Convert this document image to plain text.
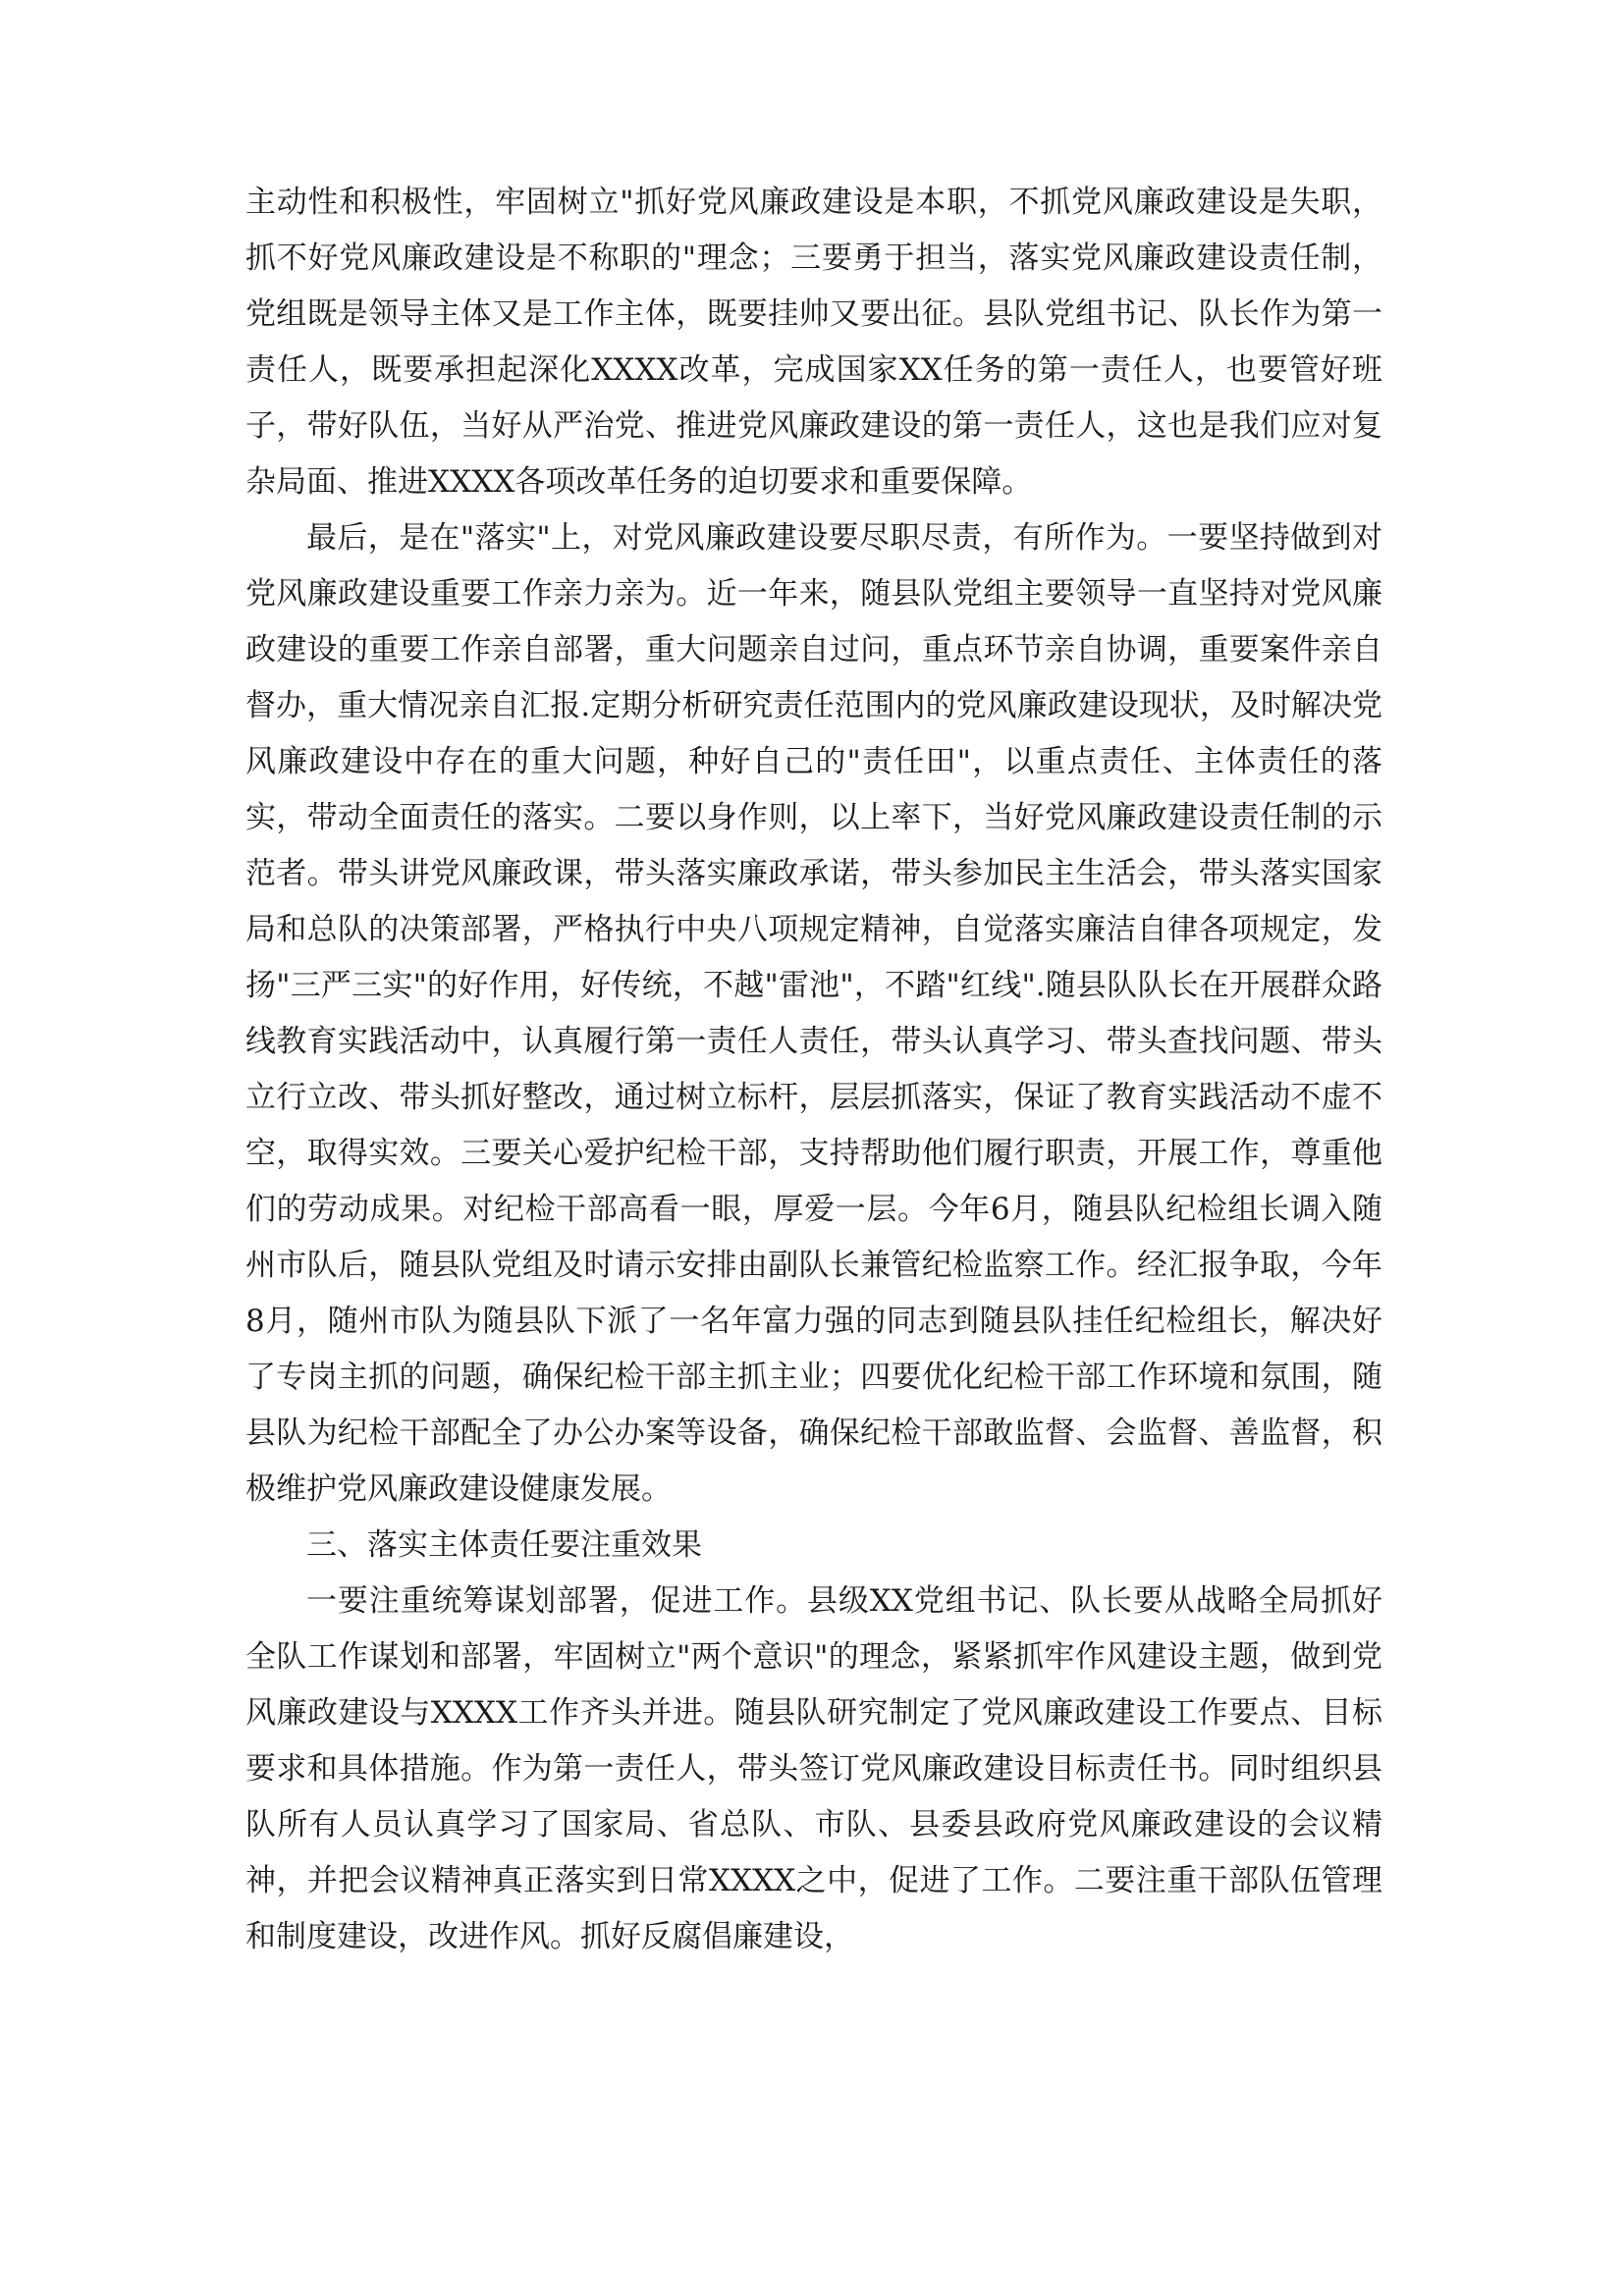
主动性和积极性，牢固树立"抓好党风廉政建设是本职，不抓党风廉政建设是失职，抓不好党风廉政建设是不称职的"理念；三要勇于担当，落实党风廉政建设责任制，党组既是领导主体又是工作主体，既要挂帅又要出征。县队党组书记、队长作为第一责任人，既要承担起深化XXXX改革，完成国家XX任务的第一责任人，也要管好班子，带好队伍，当好从严治党、推进党风廉政建设的第一责任人，这也是我们应对复杂局面、推进XXXX各项改革任务的迫切要求和重要保障。

最后，是在"落实"上，对党风廉政建设要尽职尽责，有所作为。一要坚持做到对党风廉政建设重要工作亲力亲为。近一年来，随县队党组主要领导一直坚持对党风廉政建设的重要工作亲自部署，重大问题亲自过问，重点环节亲自协调，重要案件亲自督办，重大情况亲自汇报.定期分析研究责任范围内的党风廉政建设现状，及时解决党风廉政建设中存在的重大问题，种好自己的"责任田"，以重点责任、主体责任的落实，带动全面责任的落实。二要以身作则，以上率下，当好党风廉政建设责任制的示范者。带头讲党风廉政课，带头落实廉政承诺，带头参加民主生活会，带头落实国家局和总队的决策部署，严格执行中央八项规定精神，自觉落实廉洁自律各项规定，发扬"三严三实"的好作用，好传统，不越"雷池"，不踏"红线".随县队队长在开展群众路线教育实践活动中，认真履行第一责任人责任，带头认真学习、带头查找问题、带头立行立改、带头抓好整改，通过树立标杆，层层抓落实，保证了教育实践活动不虚不空，取得实效。三要关心爱护纪检干部，支持帮助他们履行职责，开展工作，尊重他们的劳动成果。对纪检干部高看一眼，厚爱一层。今年6月，随县队纪检组长调入随州市队后，随县队党组及时请示安排由副队长兼管纪检监察工作。经汇报争取，今年8月，随州市队为随县队下派了一名年富力强的同志到随县队挂任纪检组长，解决好了专岗主抓的问题，确保纪检干部主抓主业；四要优化纪检干部工作环境和氛围，随县队为纪检干部配全了办公办案等设备，确保纪检干部敢监督、会监督、善监督，积极维护党风廉政建设健康发展。

三、落实主体责任要注重效果

一要注重统筹谋划部署，促进工作。县级XX党组书记、队长要从战略全局抓好全队工作谋划和部署，牢固树立"两个意识"的理念，紧紧抓牢作风建设主题，做到党风廉政建设与XXXX工作齐头并进。随县队研究制定了党风廉政建设工作要点、目标要求和具体措施。作为第一责任人，带头签订党风廉政建设目标责任书。同时组织县队所有人员认真学习了国家局、省总队、市队、县委县政府党风廉政建设的会议精神，并把会议精神真正落实到日常XXXX之中，促进了工作。二要注重干部队伍管理和制度建设，改进作风。抓好反腐倡廉建设，
